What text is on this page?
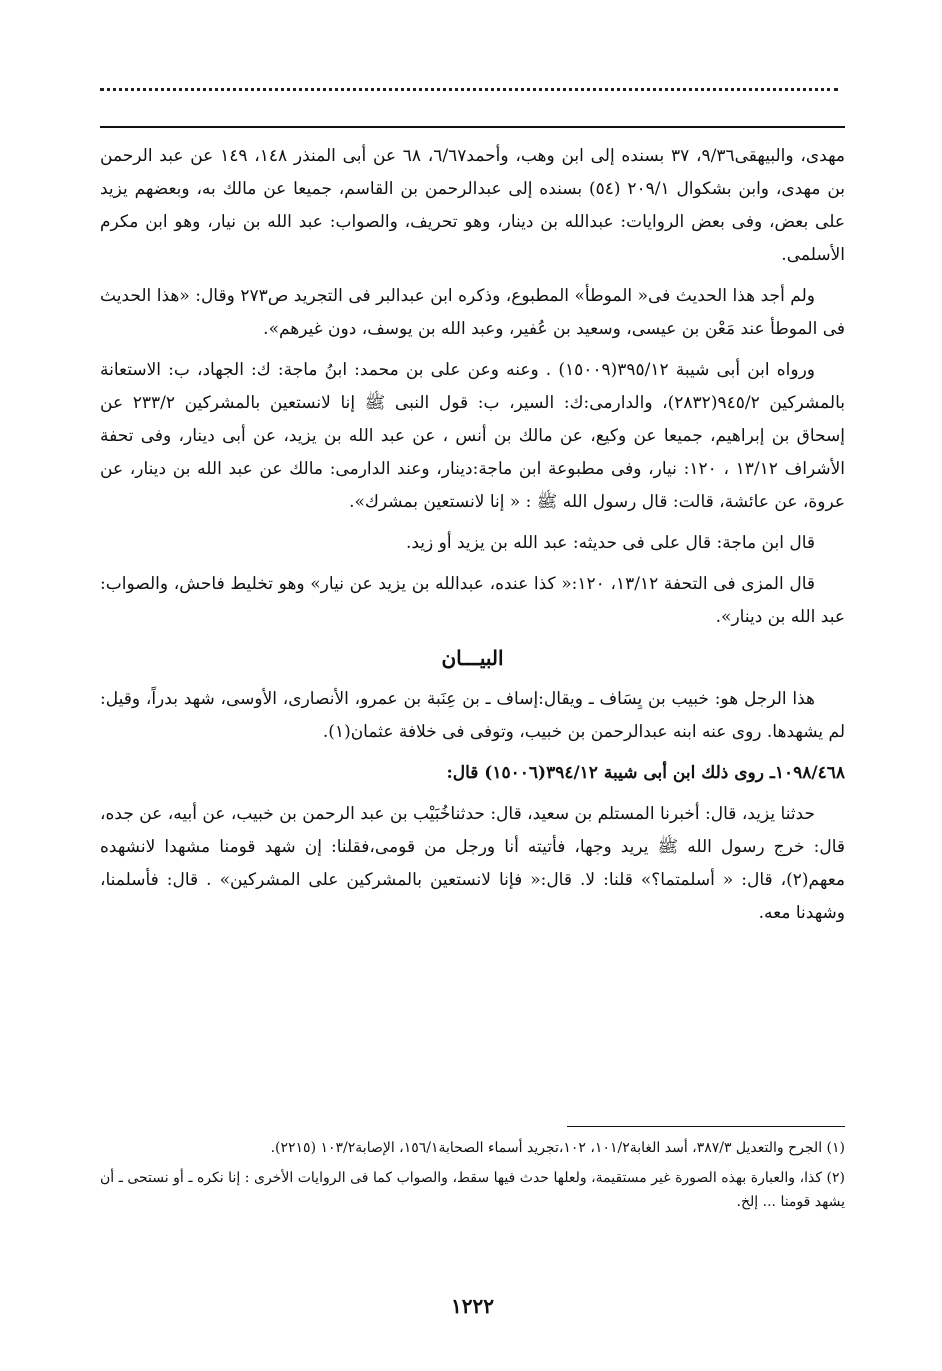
مهدى، والبيهقى٩/٣٦، ٣٧ بسنده إلى ابن وهب، وأحمد٦/٦٧، ٦٨ عن أبى المنذر ١٤٨، ١٤٩ عن عبد الرحمن بن مهدى، وابن بشكوال ٢٠٩/١ (٥٤) بسنده إلى عبدالرحمن بن القاسم، جميعا عن مالك به، وبعضهم يزيد على بعض، وفى بعض الروايات: عبدالله بن دينار، وهو تحريف، والصواب: عبد الله بن نيار، وهو ابن مكرم الأسلمى.

ولم أجد هذا الحديث فى« الموطأ» المطبوع، وذكره ابن عبدالبر فى التجريد ص٢٧٣ وقال: «هذا الحديث فى الموطأ عند مَعْن بن عيسى، وسعيد بن عُفير، وعبد الله بن يوسف، دون غيرهم».

ورواه ابن أبى شيبة ٣٩٥/١٢(١٥٠٠٩) . وعنه وعن على بن محمد: ابنُ ماجة: ك: الجهاد، ب: الاستعانة بالمشركين ٩٤٥/٢(٢٨٣٢)، والدارمى:ك: السير، ب: قول النبى ﷺ إنا لانستعين بالمشركين ٢٣٣/٢ عن إسحاق بن إبراهيم، جميعا عن وكيع، عن مالك بن أنس ، عن عبد الله بن يزيد، عن أبى دينار، وفى تحفة الأشراف ١٣/١٢ ، ١٢٠: نيار، وفى مطبوعة ابن ماجة:دينار، وعند الدارمى: مالك عن عبد الله بن دينار، عن عروة، عن عائشة، قالت: قال رسول الله ﷺ : « إنا لانستعين بمشرك».

قال ابن ماجة: قال على فى حديثه: عبد الله بن يزيد أو زيد.

قال المزى فى التحفة ١٣/١٢، ١٢٠:« كذا عنده، عبدالله بن يزيد عن نيار» وهو تخليط فاحش، والصواب: عبد الله بن دينار».

البيـــان

هذا الرجل هو: خبيب بن يِسَاف ـ ويقال:إساف ـ بن عِنَبة بن عمرو، الأنصارى، الأوسى، شهد بدراً، وقيل: لم يشهدها. روى عنه ابنه عبدالرحمن بن خبيب، وتوفى فى خلافة عثمان(١).

١٠٩٨/٤٦٨ـ روى ذلك ابن أبى شيبة ٣٩٤/١٢(١٥٠٠٦) قال:

حدثنا يزيد، قال: أخبرنا المستلم بن سعيد، قال: حدثناخُبَيْب بن عبد الرحمن بن خبيب، عن أبيه، عن جده، قال: خرج رسول الله ﷺ يريد وجها، فأتيته أنا ورجل من قومى،فقلنا: إن شهد قومنا مشهدا لانشهده معهم(٢)، قال: « أسلمتما؟» قلنا: لا. قال:« فإنا لانستعين بالمشركين على المشركين» . قال: فأسلمنا، وشهدنا معه.

(١) الجرح والتعديل ٣٨٧/٣، أسد الغابة١٠١/٢، ١٠٢،تجريد أسماء الصحابة١٥٦/١، الإصابة١٠٣/٢ (٢٢١٥).

(٢) كذا، والعبارة بهذه الصورة غير مستقيمة، ولعلها حدث فيها سقط، والصواب كما فى الروايات الأخرى : إنا نكره ـ أو نستحى ـ أن يشهد قومنا ... إلخ.

١٢٢٢
